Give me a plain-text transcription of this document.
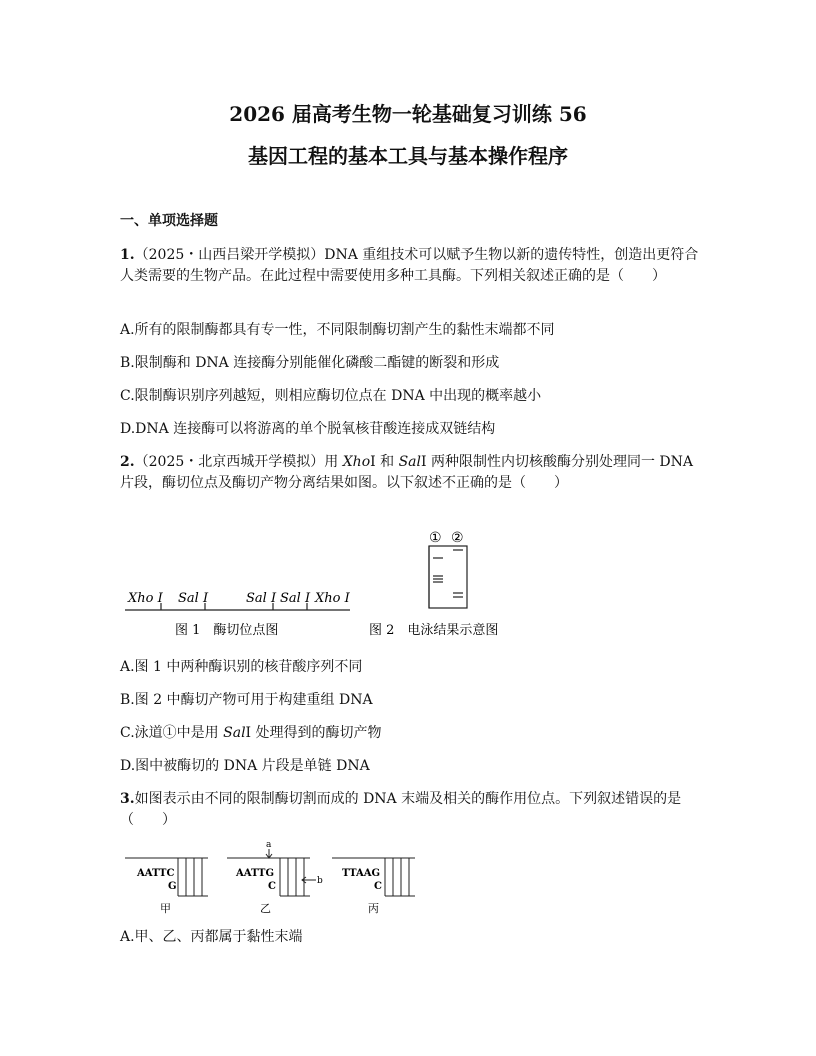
2026 届高考生物一轮基础复习训练 56
基因工程的基本工具与基本操作程序
一、单项选择题
1.（2025・山西吕梁开学模拟）DNA 重组技术可以赋予生物以新的遗传特性，创造出更符合人类需要的生物产品。在此过程中需要使用多种工具酶。下列相关叙述正确的是（　　）
A.所有的限制酶都具有专一性，不同限制酶切割产生的黏性末端都不同
B.限制酶和 DNA 连接酶分别能催化磷酸二酯键的断裂和形成
C.限制酶识别序列越短，则相应酶切位点在 DNA 中出现的概率越小
D.DNA 连接酶可以将游离的单个脱氧核苷酸连接成双链结构
2.（2025・北京西城开学模拟）用 XhoⅠ 和 SalⅠ 两种限制性内切核酸酶分别处理同一 DNA 片段，酶切位点及酶切产物分离结果如图。以下叙述不正确的是（　　）
Xho Ⅰ Sal Ⅰ	Sal Ⅰ Sal Ⅰ Xho Ⅰ
图 1　酶切位点图
① ②
图 2　电泳结果示意图
A.图 1 中两种酶识别的核苷酸序列不同
B.图 2 中酶切产物可用于构建重组 DNA
C.泳道①中是用 SalⅠ 处理得到的酶切产物
D.图中被酶切的 DNA 片段是单链 DNA
3.如图表示由不同的限制酶切割而成的 DNA 末端及相关的酶作用位点。下列叙述错误的是（　　）
AATTC
G
甲
AATTG
C
a
b
乙
TTAAG
C
丙
A.甲、乙、丙都属于黏性末端
